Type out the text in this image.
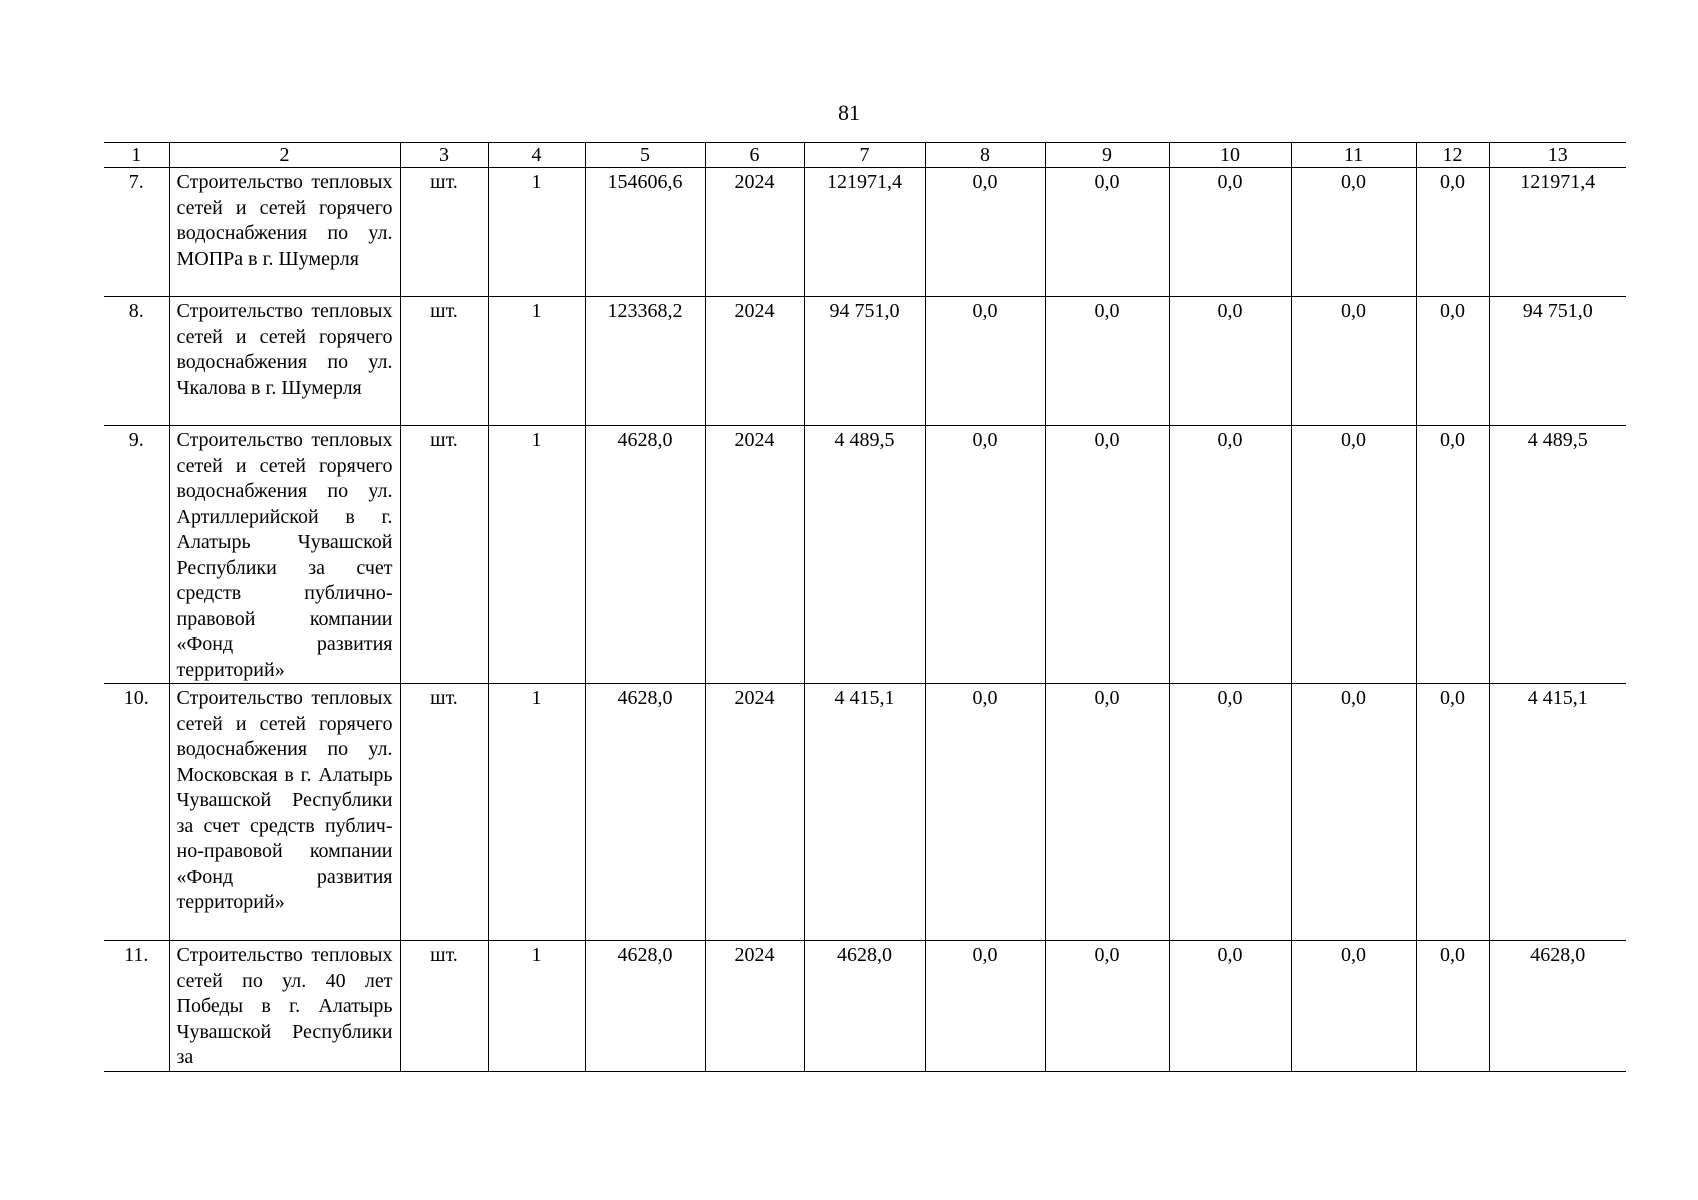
81
1	2	3	4	5	6	7	8	9	10	11	12	13
7.	Строительство тепловых сетей и сетей горячего водоснабжения по ул. МОПРа в г. Шумерля	шт.	1	154606,6	2024	121971,4	0,0	0,0	0,0	0,0	0,0	121971,4
8.	Строительство тепловых сетей и сетей горячего водоснабжения по ул. Чкалова в г. Шумерля	шт.	1	123368,2	2024	94 751,0	0,0	0,0	0,0	0,0	0,0	94 751,0
9.	Строительство тепловых сетей и сетей горячего водоснабжения по ул. Артиллерийской в г. Алатырь Чувашской Республики за счет средств публично-правовой компании «Фонд развития территорий»	шт.	1	4628,0	2024	4 489,5	0,0	0,0	0,0	0,0	0,0	4 489,5
10.	Строительство тепловых сетей и сетей горячего водоснабжения по ул. Московская в г. Алатырь Чувашской Республики за счет средств публично-правовой компании «Фонд развития территорий»	шт.	1	4628,0	2024	4 415,1	0,0	0,0	0,0	0,0	0,0	4 415,1
11.	Строительство тепловых сетей по ул. 40 лет Победы в г. Алатырь Чувашской Республики за	шт.	1	4628,0	2024	4628,0	0,0	0,0	0,0	0,0	0,0	4628,0
